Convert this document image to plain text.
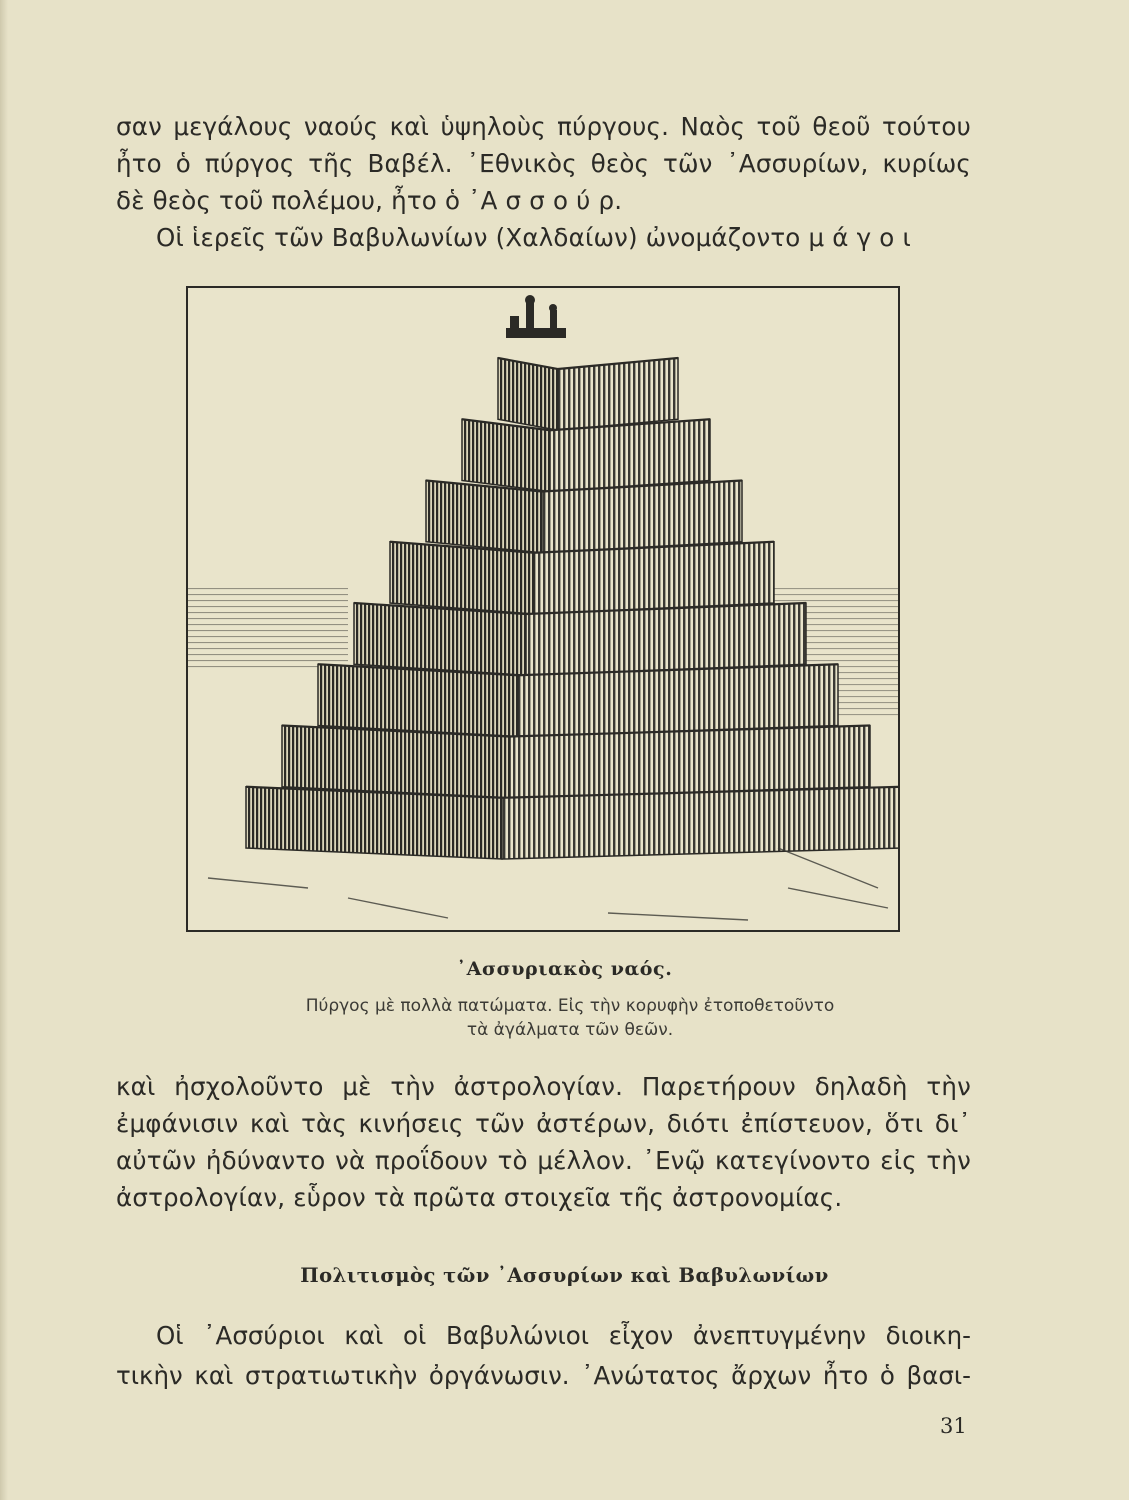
σαν μεγάλους ναούς καὶ ὑψηλοὺς πύργους. Ναὸς τοῦ θεοῦ τούτου
ἦτο ὁ πύργος τῆς Βαβέλ. ᾿Εθνικὸς θεὸς τῶν ᾿Ασσυρίων, κυρίως
δὲ θεὸς τοῦ πολέμου, ἦτο ὁ ᾿Α σ σ ο ύ ρ.
Οἱ ἱερεῖς τῶν Βαβυλωνίων (Χαλδαίων) ὠνομάζοντο μ ά γ ο ι
᾿Ασσυριακὸς ναός.
Πύργος μὲ πολλὰ πατώματα. Εἰς τὴν κορυφὴν ἐτοποθετοῦντο
τὰ ἀγάλματα τῶν θεῶν.
καὶ ἠσχολοῦντο μὲ τὴν ἀστρολογίαν. Παρετήρουν δηλαδὴ τὴν
ἐμφάνισιν καὶ τὰς κινήσεις τῶν ἀστέρων, διότι ἐπίστευον, ὅτι δι᾿
αὐτῶν ἠδύναντο νὰ προΐδουν τὸ μέλλον. ᾿Ενῷ κατεγίνοντο εἰς τὴν
ἀστρολογίαν, εὗρον τὰ πρῶτα στοιχεῖα τῆς ἀστρονομίας.
Πολιτισμὸς τῶν ᾿Ασσυρίων καὶ Βαβυλωνίων
Οἱ ᾿Ασσύριοι καὶ οἱ Βαβυλώνιοι εἶχον ἀνεπτυγμένην διοικη-
τικὴν καὶ στρατιωτικὴν ὀργάνωσιν. ᾿Ανώτατος ἄρχων ἦτο ὁ βασι-
31
